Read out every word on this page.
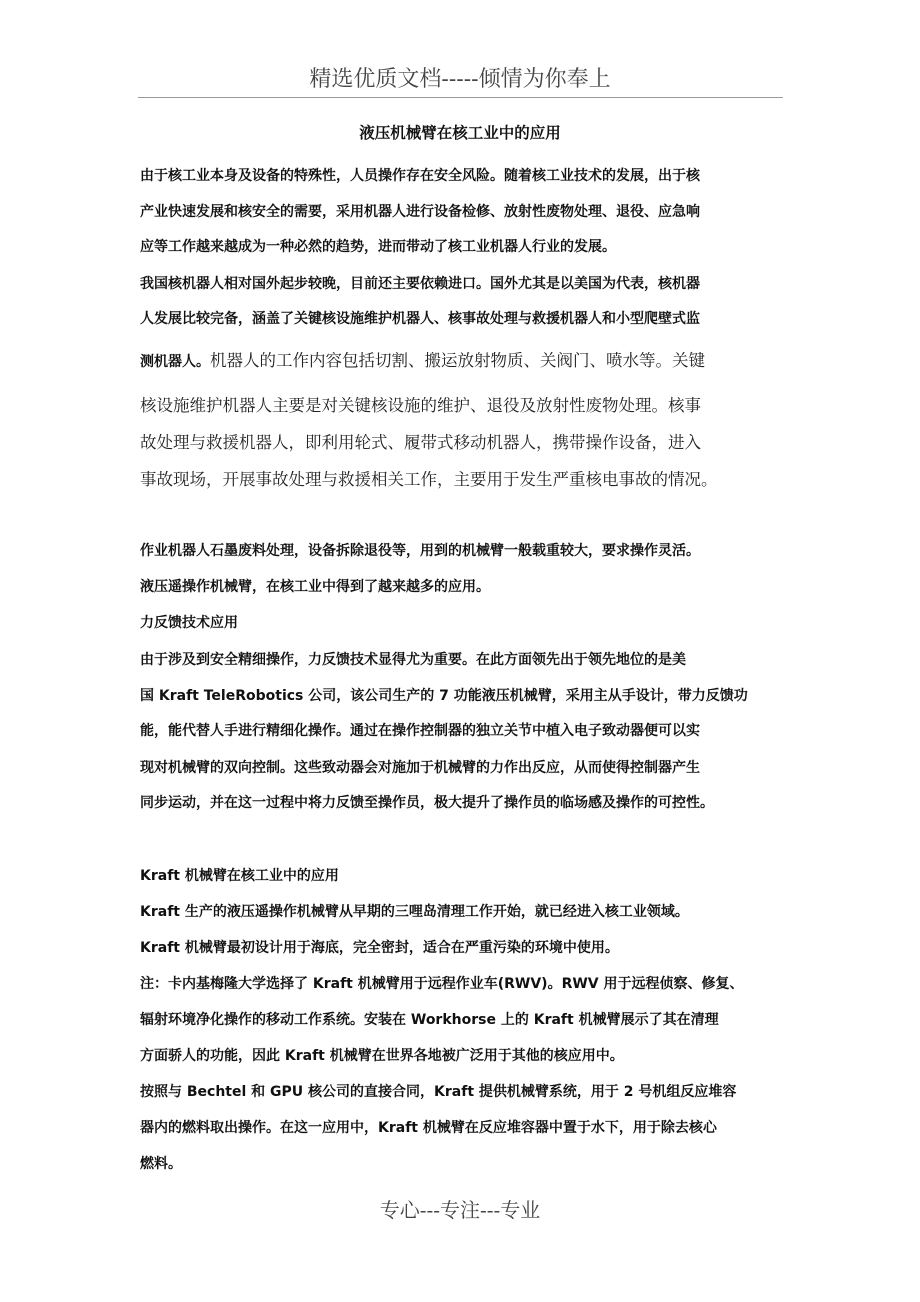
精选优质文档-----倾情为你奉上
液压机械臂在核工业中的应用
由于核工业本身及设备的特殊性，人员操作存在安全风险。随着核工业技术的发展，出于核
产业快速发展和核安全的需要，采用机器人进行设备检修、放射性废物处理、退役、应急响
应等工作越来越成为一种必然的趋势，进而带动了核工业机器人行业的发展。
我国核机器人相对国外起步较晚，目前还主要依赖进口。国外尤其是以美国为代表，核机器
人发展比较完备，涵盖了关键核设施维护机器人、核事故处理与救援机器人和小型爬壁式监
测机器人。机器人的工作内容包括切割、搬运放射物质、关阀门、喷水等。关键
核设施维护机器人主要是对关键核设施的维护、退役及放射性废物处理。核事
故处理与救援机器人，即利用轮式、履带式移动机器人，携带操作设备，进入
事故现场，开展事故处理与救援相关工作，主要用于发生严重核电事故的情况。
作业机器人石墨废料处理，设备拆除退役等，用到的机械臂一般载重较大，要求操作灵活。
液压遥操作机械臂，在核工业中得到了越来越多的应用。
力反馈技术应用
由于涉及到安全精细操作，力反馈技术显得尤为重要。在此方面领先出于领先地位的是美
国 Kraft TeleRobotics 公司，该公司生产的 7 功能液压机械臂，采用主从手设计，带力反馈功
能，能代替人手进行精细化操作。通过在操作控制器的独立关节中植入电子致动器便可以实
现对机械臂的双向控制。这些致动器会对施加于机械臂的力作出反应，从而使得控制器产生
同步运动，并在这一过程中将力反馈至操作员，极大提升了操作员的临场感及操作的可控性。
Kraft 机械臂在核工业中的应用
Kraft 生产的液压遥操作机械臂从早期的三哩岛清理工作开始，就已经进入核工业领域。
Kraft 机械臂最初设计用于海底，完全密封，适合在严重污染的环境中使用。
注：卡内基梅隆大学选择了 Kraft 机械臂用于远程作业车(RWV)。RWV 用于远程侦察、修复、
辐射环境净化操作的移动工作系统。安装在 Workhorse 上的 Kraft 机械臂展示了其在清理
方面骄人的功能，因此 Kraft 机械臂在世界各地被广泛用于其他的核应用中。
按照与 Bechtel 和 GPU 核公司的直接合同，Kraft 提供机械臂系统，用于 2 号机组反应堆容
器内的燃料取出操作。在这一应用中，Kraft 机械臂在反应堆容器中置于水下，用于除去核心
燃料。
专心---专注---专业
